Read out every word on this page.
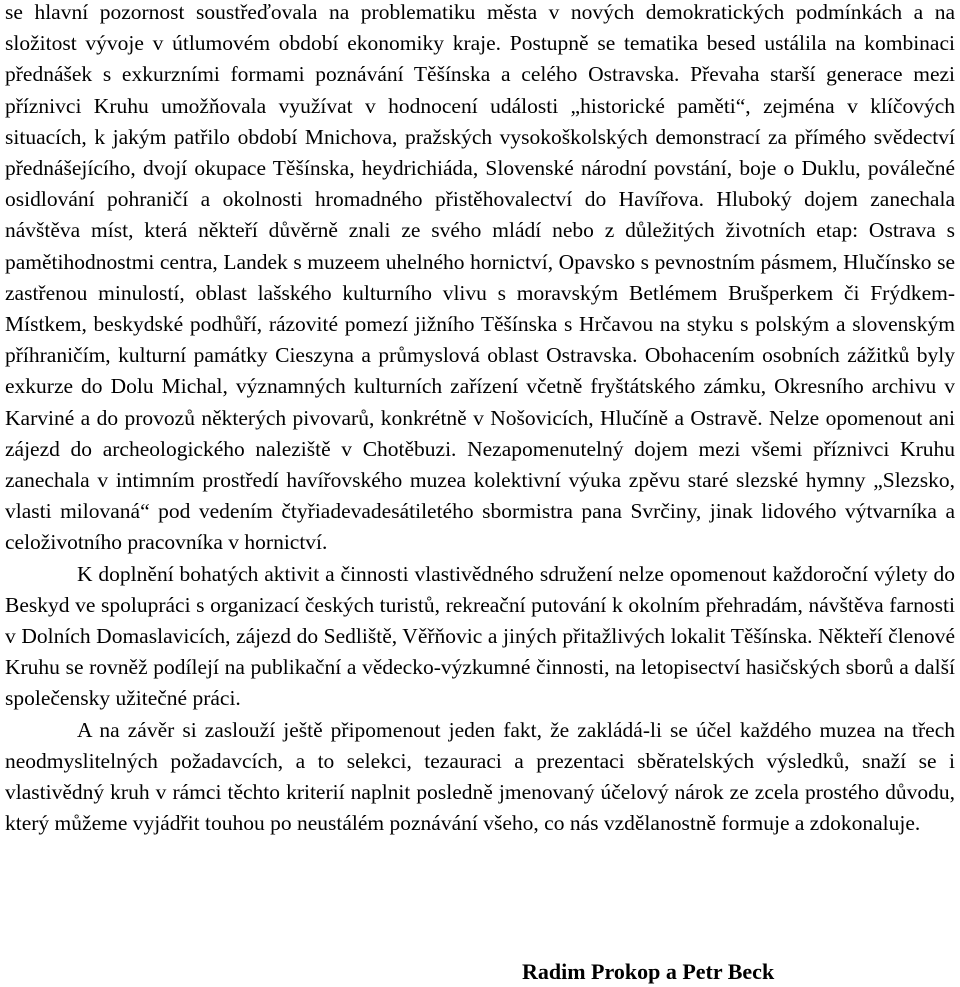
se hlavní pozornost soustřeďovala na problematiku města v nových demokratických podmínkách a na složitost vývoje v útlumovém období ekonomiky kraje. Postupně se tematika besed ustálila na kombinaci přednášek s exkurzními formami poznávání Těšínska a celého Ostravska. Převaha starší generace mezi příznivci Kruhu umožňovala využívat v hodnocení události „historické paměti“, zejména v klíčových situacích, k jakým patřilo období Mnichova, pražských vysokoškolských demonstrací za přímého svědectví přednášejícího, dvojí okupace Těšínska, heydrichiáda, Slovenské národní povstání, boje o Duklu, poválečné osidlování pohraničí a okolnosti hromadného přistěhovalectví do Havířova. Hluboký dojem zanechala návštěva míst, která někteří důvěrně znali ze svého mládí nebo z důležitých životních etap: Ostrava s pamětihodnostmi centra, Landek s muzeem uhelného hornictví, Opavsko s pevnostním pásmem, Hlučínsko se zastřenou minulostí, oblast lašského kulturního vlivu s moravským Betlémem Brušperkem či Frýdkem-Místkem, beskydské podhůří, rázovité pomezí jižního Těšínska s Hrčavou na styku s polským a slovenským příhraničím, kulturní památky Cieszyna a průmyslová oblast Ostravska. Obohacením osobních zážitků byly exkurze do Dolu Michal, významných kulturních zařízení včetně fryštátského zámku, Okresního archivu v Karviné a do provozů některých pivovarů, konkrétně v Nošovicích, Hlučíně a Ostravě. Nelze opomenout ani zájezd do archeologického naleziště v Chotěbuzi. Nezapomenutelný dojem mezi všemi příznivci Kruhu zanechala v intimním prostředí havířovského muzea kolektivní výuka zpěvu staré slezské hymny „Slezsko, vlasti milovaná“ pod vedením čtyřiadevadesátiletého sbormistra pana Svrčiny, jinak lidového výtvarníka a celoživotního pracovníka v hornictví.

K doplnění bohatých aktivit a činnosti vlastivědného sdružení nelze opomenout každoroční výlety do Beskyd ve spolupráci s organizací českých turistů, rekreační putování k okolním přehradám, návštěva farnosti v Dolních Domaslavicích, zájezd do Sedliště, Věřňovic a jiných přitažlivých lokalit Těšínska. Někteří členové Kruhu se rovněž podílejí na publikační a vědecko-výzkumné činnosti, na letopisectví hasičských sborů a další společensky užitečné práci.

A na závěr si zaslouží ještě připomenout jeden fakt, že zakládá-li se účel každého muzea na třech neodmyslitelných požadavcích, a to selekci, tezauraci a prezentaci sběratelských výsledků, snaží se i vlastivědný kruh v rámci těchto kriterií naplnit posledně jmenovaný účelový nárok ze zcela prostého důvodu, který můžeme vyjádřit touhou po neustálém poznávání všeho, co nás vzdělanostně formuje a zdokonaluje.

Radim Prokop a Petr Beck
